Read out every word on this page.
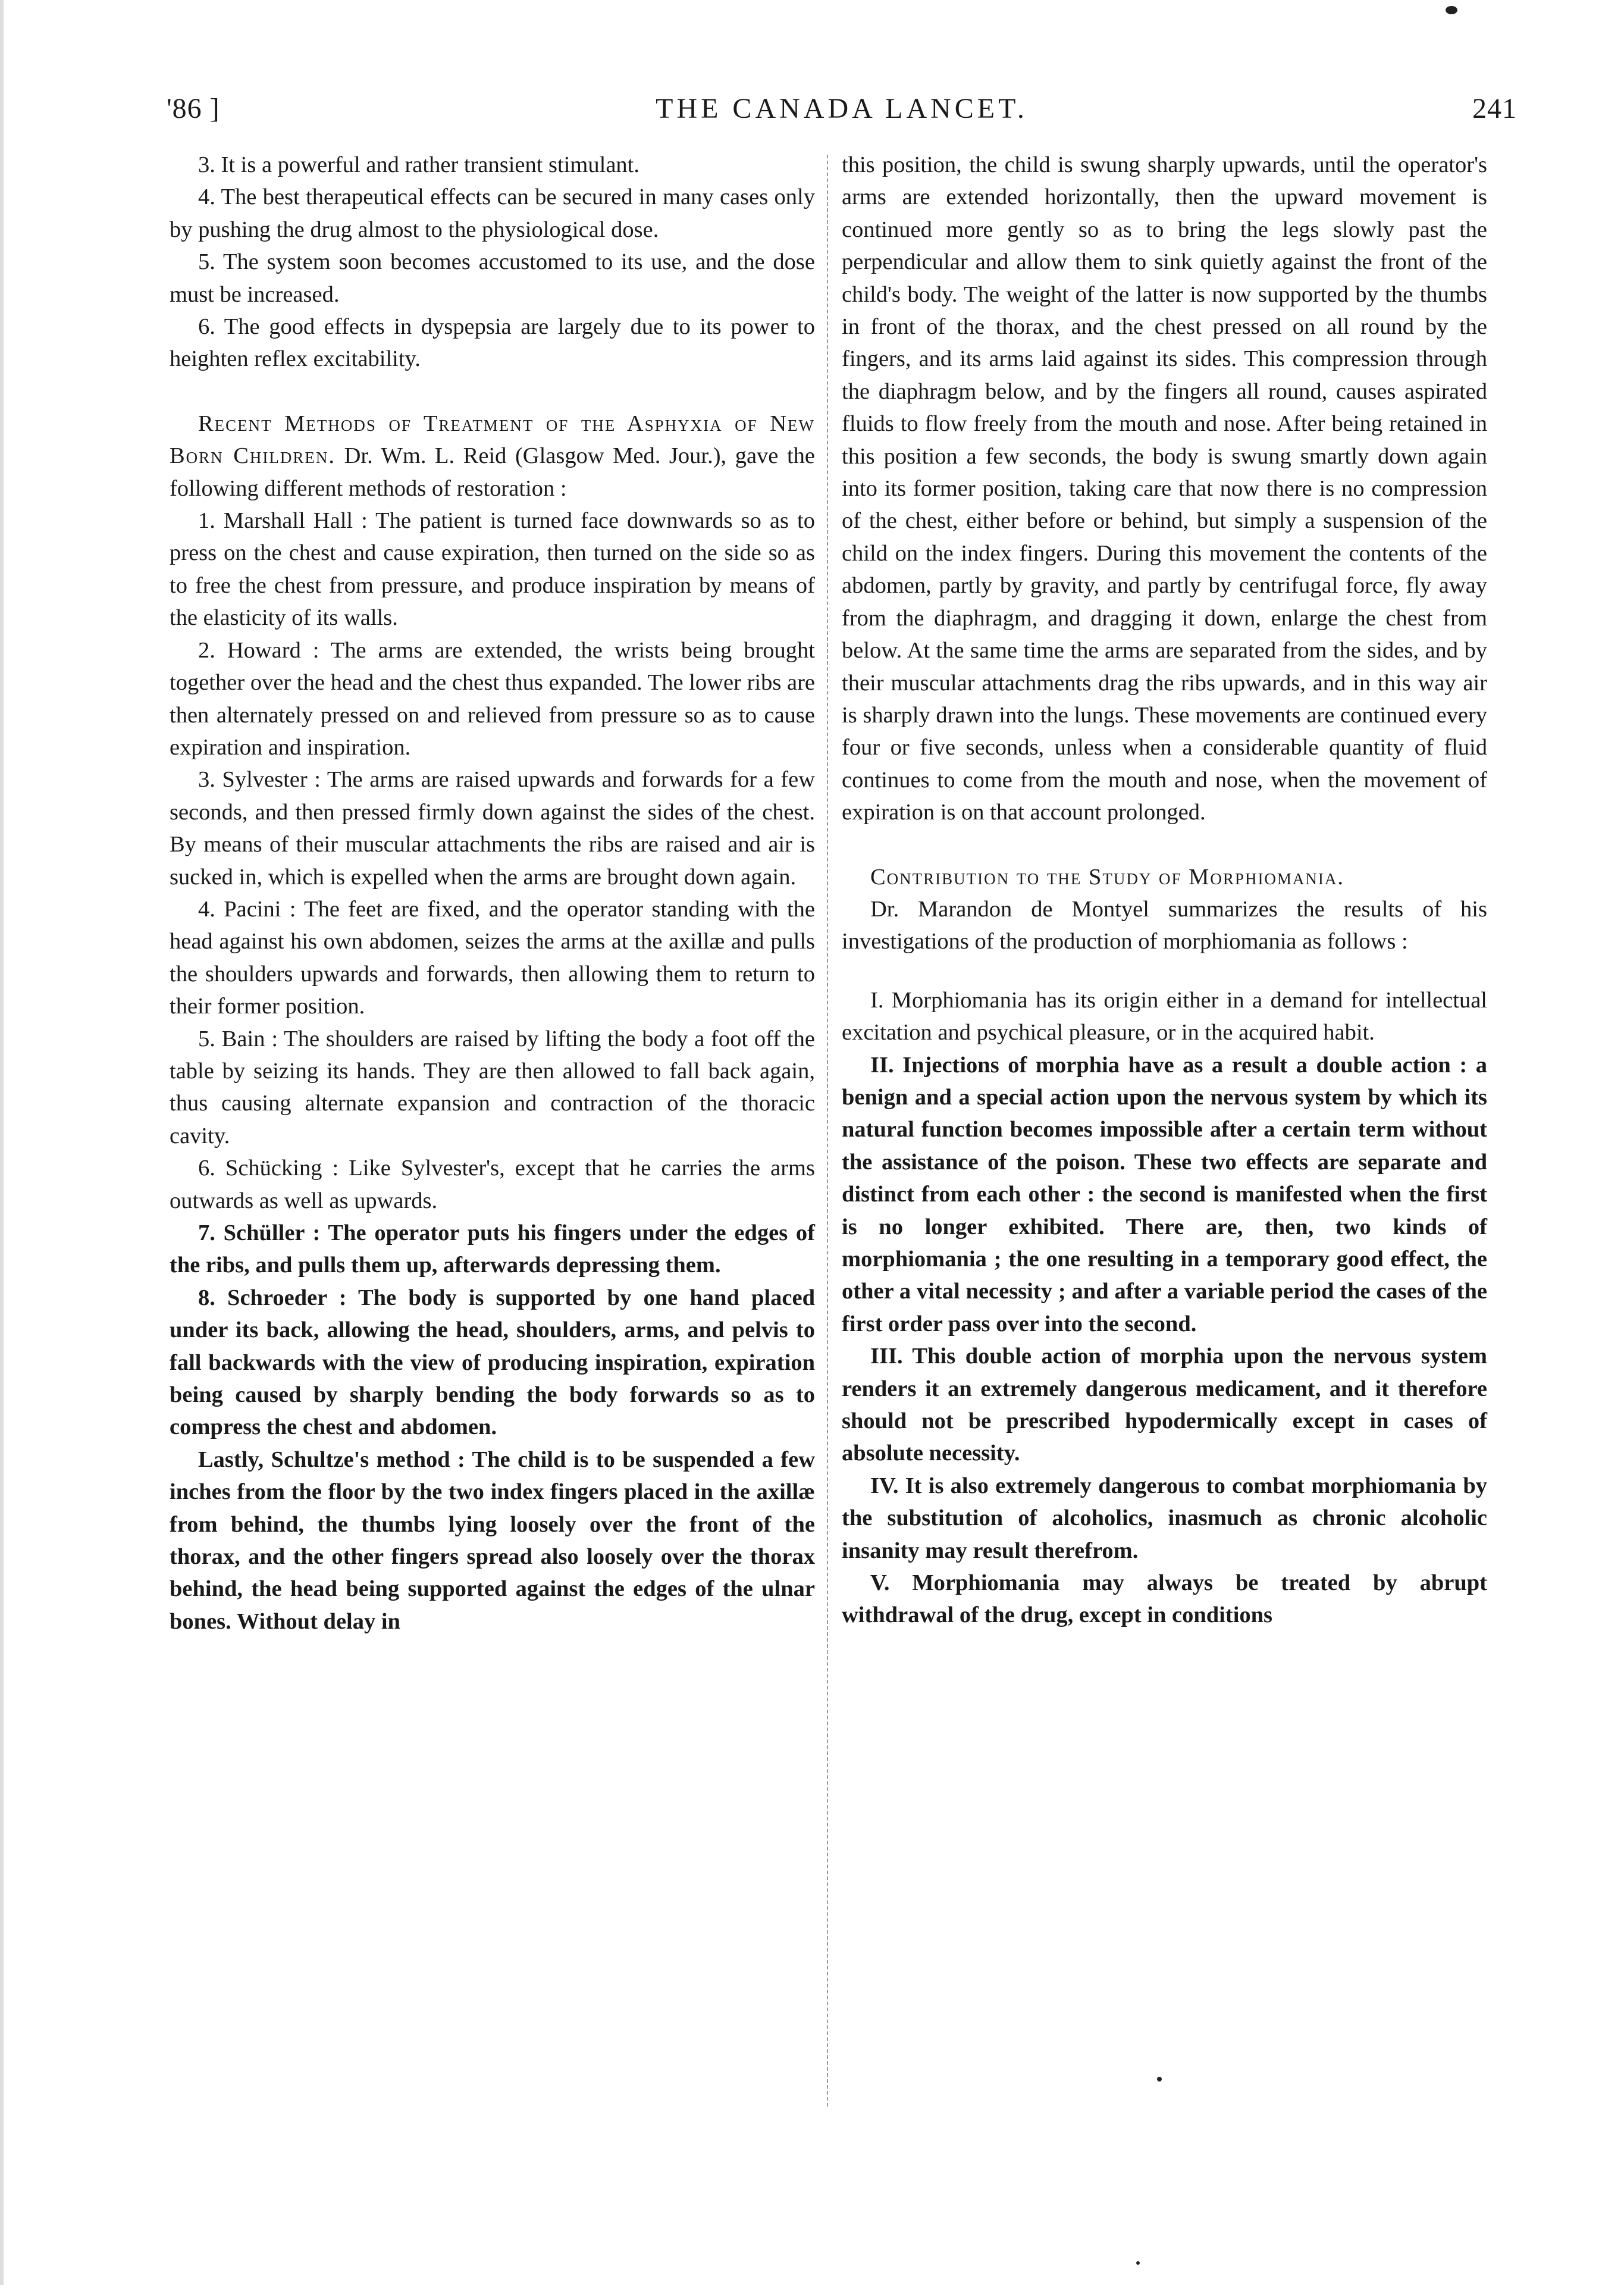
'86 ]	THE CANADA LANCET.	241

3. It is a powerful and rather transient stimulant.

4. The best therapeutical effects can be secured in many cases only by pushing the drug almost to the physiological dose.

5. The system soon becomes accustomed to its use, and the dose must be increased.

6. The good effects in dyspepsia are largely due to its power to heighten reflex excitability.

Recent Methods of Treatment of the Asphyxia of New Born Children. Dr. Wm. L. Reid (Glasgow Med. Jour.), gave the following different methods of restoration :

1. Marshall Hall : The patient is turned face downwards so as to press on the chest and cause expiration, then turned on the side so as to free the chest from pressure, and produce inspiration by means of the elasticity of its walls.

2. Howard : The arms are extended, the wrists being brought together over the head and the chest thus expanded. The lower ribs are then alternately pressed on and relieved from pressure so as to cause expiration and inspiration.

3. Sylvester : The arms are raised upwards and forwards for a few seconds, and then pressed firmly down against the sides of the chest. By means of their muscular attachments the ribs are raised and air is sucked in, which is expelled when the arms are brought down again.

4. Pacini : The feet are fixed, and the operator standing with the head against his own abdomen, seizes the arms at the axillæ and pulls the shoulders upwards and forwards, then allowing them to return to their former position.

5. Bain : The shoulders are raised by lifting the body a foot off the table by seizing its hands. They are then allowed to fall back again, thus causing alternate expansion and contraction of the thoracic cavity.

6. Schücking : Like Sylvester's, except that he carries the arms outwards as well as upwards.

7. Schüller : The operator puts his fingers under the edges of the ribs, and pulls them up, afterwards depressing them.

8. Schroeder : The body is supported by one hand placed under its back, allowing the head, shoulders, arms, and pelvis to fall backwards with the view of producing inspiration, expiration being caused by sharply bending the body forwards so as to compress the chest and abdomen.

Lastly, Schultze's method : The child is to be suspended a few inches from the floor by the two index fingers placed in the axillæ from behind, the thumbs lying loosely over the front of the thorax, and the other fingers spread also loosely over the thorax behind, the head being supported against the edges of the ulnar bones. Without delay in

this position, the child is swung sharply upwards, until the operator's arms are extended horizontally, then the upward movement is continued more gently so as to bring the legs slowly past the perpendicular and allow them to sink quietly against the front of the child's body. The weight of the latter is now supported by the thumbs in front of the thorax, and the chest pressed on all round by the fingers, and its arms laid against its sides. This compression through the diaphragm below, and by the fingers all round, causes aspirated fluids to flow freely from the mouth and nose. After being retained in this position a few seconds, the body is swung smartly down again into its former position, taking care that now there is no compression of the chest, either before or behind, but simply a suspension of the child on the index fingers. During this movement the contents of the abdomen, partly by gravity, and partly by centrifugal force, fly away from the diaphragm, and dragging it down, enlarge the chest from below. At the same time the arms are separated from the sides, and by their muscular attachments drag the ribs upwards, and in this way air is sharply drawn into the lungs. These movements are continued every four or five seconds, unless when a considerable quantity of fluid continues to come from the mouth and nose, when the movement of expiration is on that account prolonged.

Contribution to the Study of Morphiomania.

Dr. Marandon de Montyel summarizes the results of his investigations of the production of morphiomania as follows :

I. Morphiomania has its origin either in a demand for intellectual excitation and psychical pleasure, or in the acquired habit.

II. Injections of morphia have as a result a double action : a benign and a special action upon the nervous system by which its natural function becomes impossible after a certain term without the assistance of the poison. These two effects are separate and distinct from each other : the second is manifested when the first is no longer exhibited. There are, then, two kinds of morphiomania ; the one resulting in a temporary good effect, the other a vital necessity ; and after a variable period the cases of the first order pass over into the second.

III. This double action of morphia upon the nervous system renders it an extremely dangerous medicament, and it therefore should not be prescribed hypodermically except in cases of absolute necessity.

IV. It is also extremely dangerous to combat morphiomania by the substitution of alcoholics, inasmuch as chronic alcoholic insanity may result therefrom.

V. Morphiomania may always be treated by abrupt withdrawal of the drug, except in conditions
